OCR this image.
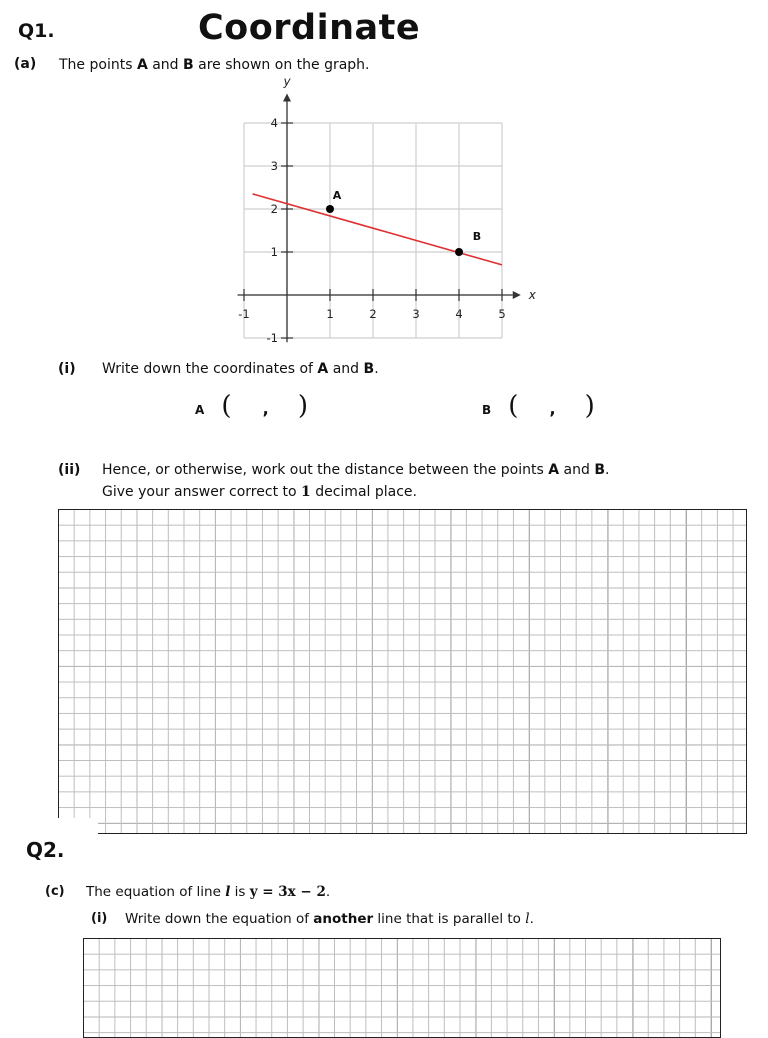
Q1.	Coordinate
(a) The points A and B are shown on the graph.
-1	1	2	3	4	5
-1
1
2
3
4
x
y
A
B
(i) Write down the coordinates of A and B.
A ( , )	B ( , )
(ii) Hence, or otherwise, work out the distance between the points A and B.
Give your answer correct to 1 decimal place.
Q2.
(c) The equation of line l is y = 3x − 2.
(i) Write down the equation of another line that is parallel to l.
